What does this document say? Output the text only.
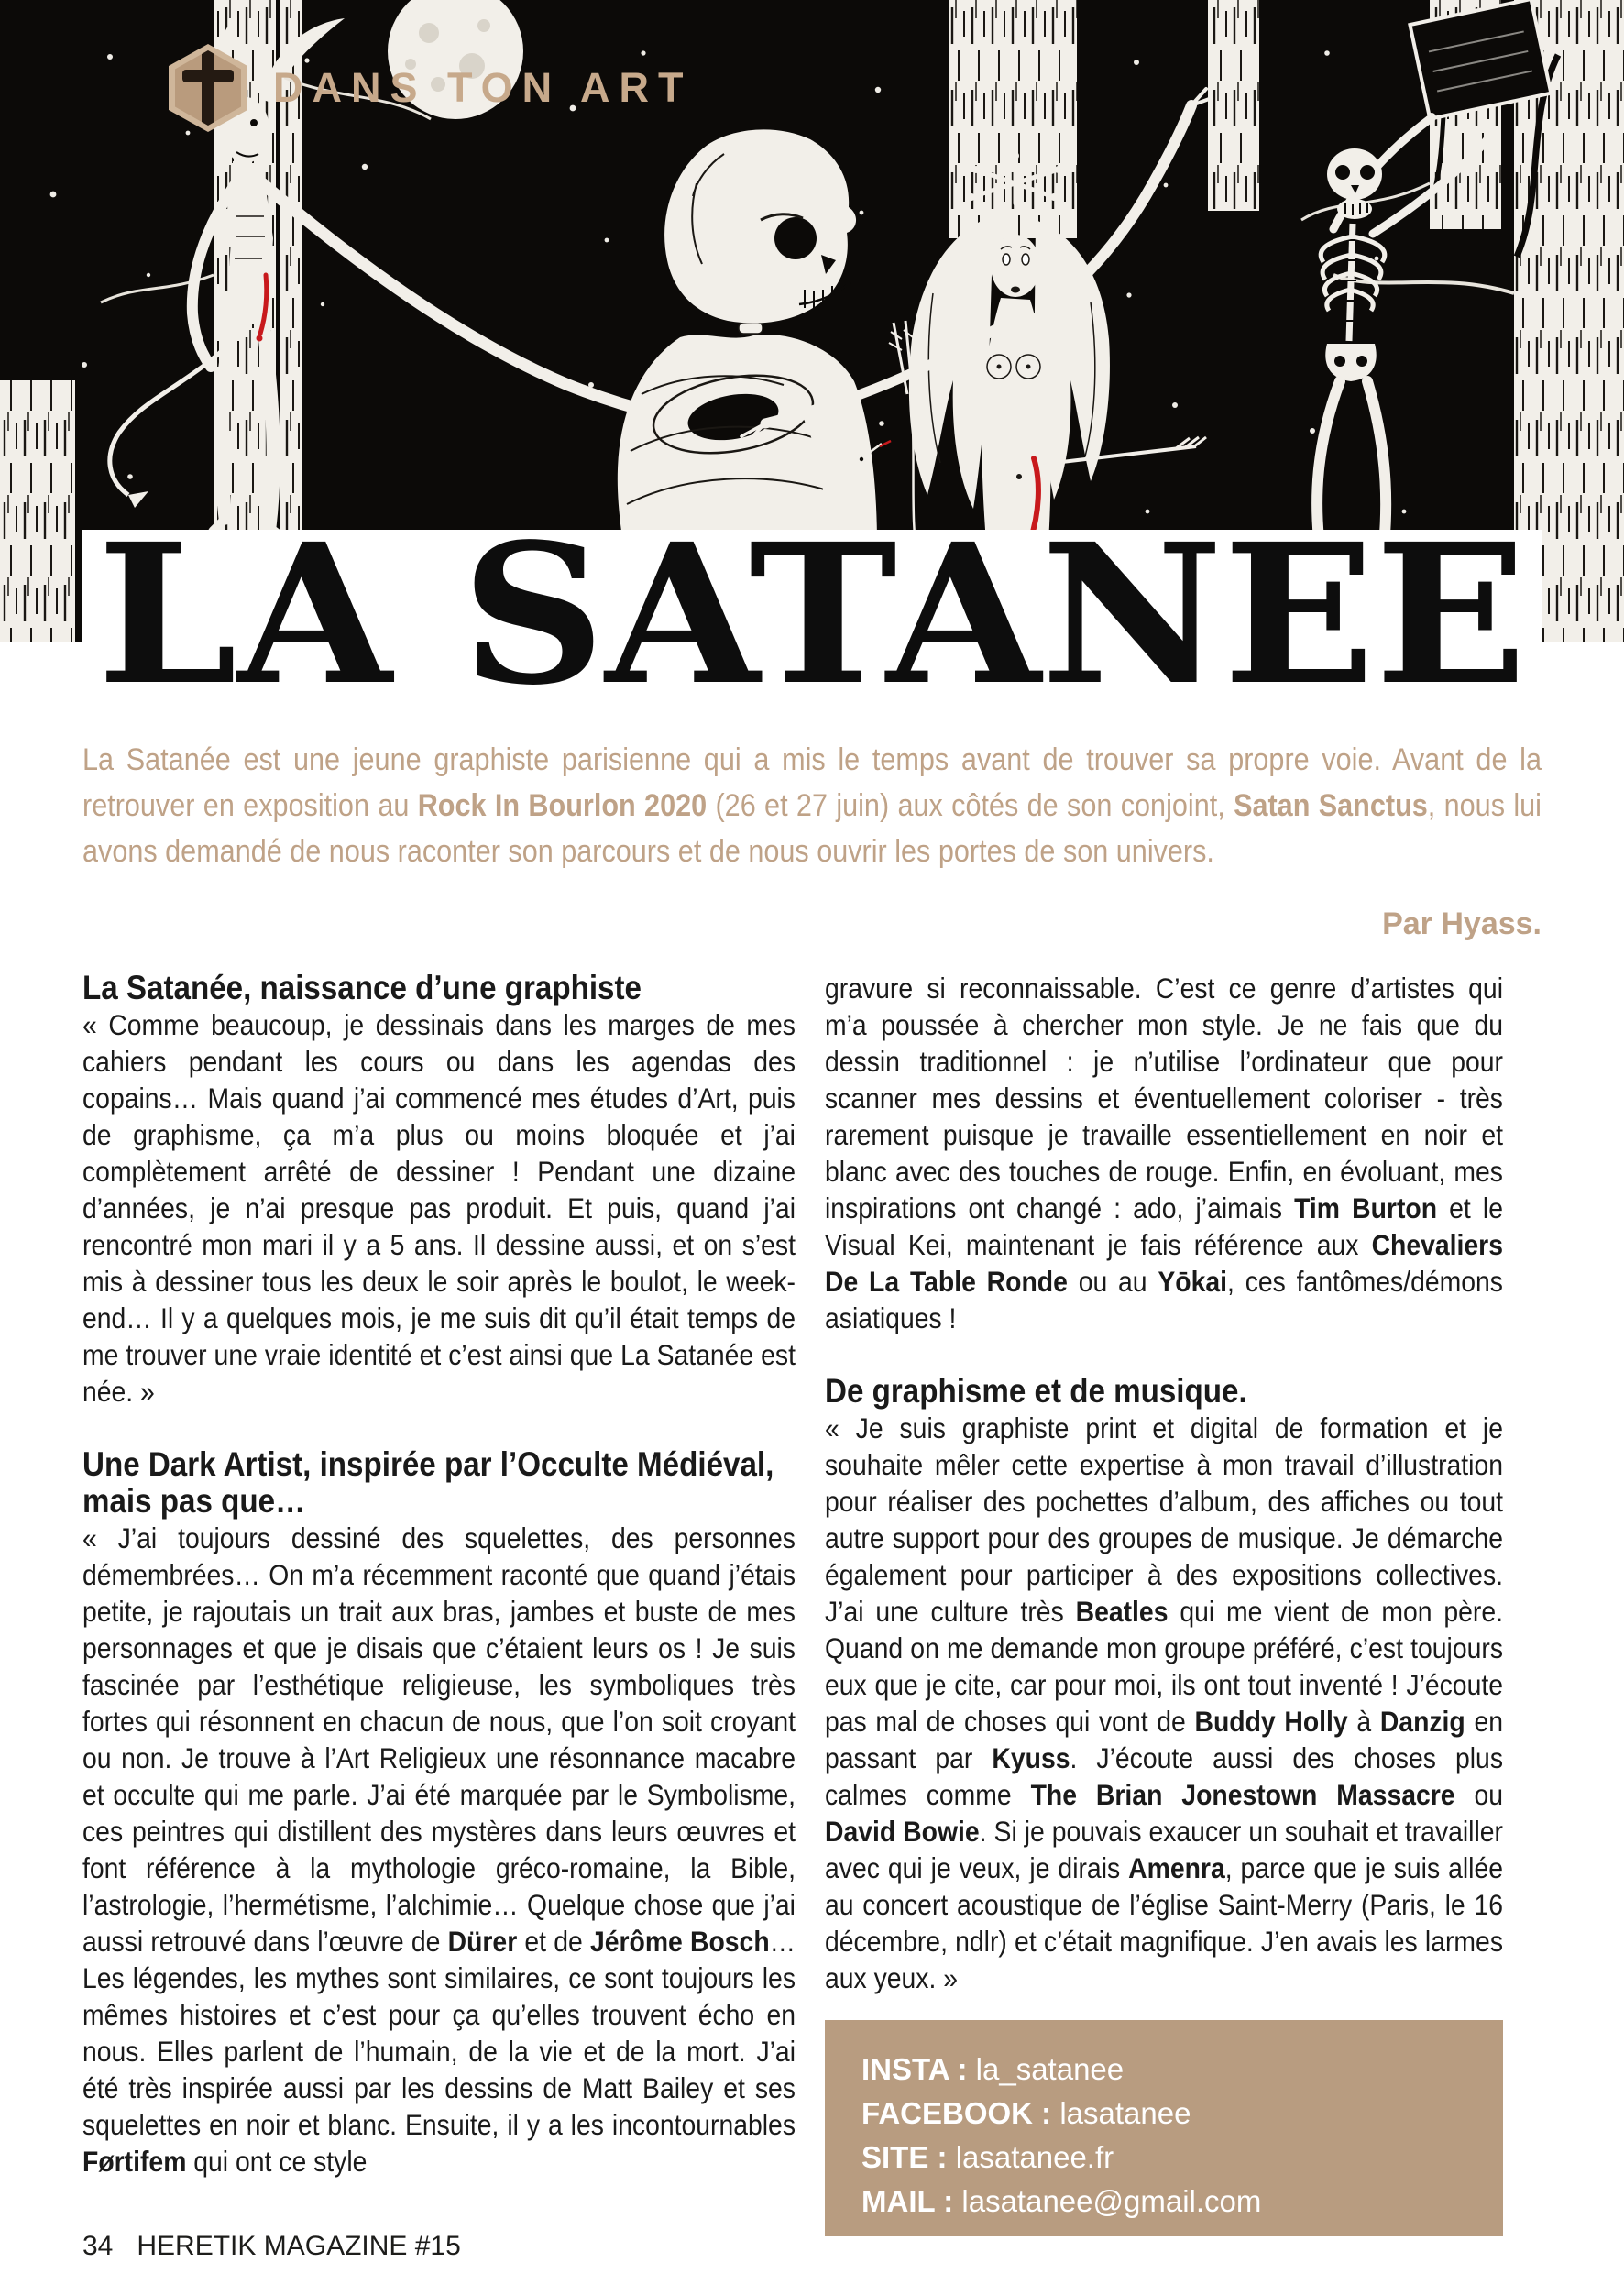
DANS TON ART
LA SATANEE

La Satanée est une jeune graphiste parisienne qui a mis le temps avant de trouver sa propre voie. Avant de la retrouver en exposition au Rock In Bourlon 2020 (26 et 27 juin) aux côtés de son conjoint, Satan Sanctus, nous lui avons demandé de nous raconter son parcours et de nous ouvrir les portes de son univers.

Par Hyass.
La Satanée, naissance d’une graphiste

« Comme beaucoup, je dessinais dans les marges de mes cahiers pendant les cours ou dans les agendas des copains… Mais quand j’ai commencé mes études d’Art, puis de graphisme, ça m’a plus ou moins bloquée et j’ai complètement arrêté de dessiner ! Pendant une dizaine d’années, je n’ai presque pas produit. Et puis, quand j’ai rencontré mon mari il y a 5 ans. Il dessine aussi, et on s’est mis à dessiner tous les deux le soir après le boulot, le week-end… Il y a quelques mois, je me suis dit qu’il était temps de me trouver une vraie identité et c’est ainsi que La Satanée est née. »

Une Dark Artist, inspirée par l’Occulte Médiéval, mais pas que…

« J’ai toujours dessiné des squelettes, des personnes démembrées… On m’a récemment raconté que quand j’étais petite, je rajoutais un trait aux bras, jambes et buste de mes personnages et que je disais que c’étaient leurs os ! Je suis fascinée par l’esthétique religieuse, les symboliques très fortes qui résonnent en chacun de nous, que l’on soit croyant ou non. Je trouve à l’Art Religieux une résonnance macabre et occulte qui me parle. J’ai été marquée par le Symbolisme, ces peintres qui distillent des mystères dans leurs œuvres et font référence à la mythologie gréco-romaine, la Bible, l’astrologie, l’hermétisme, l’alchimie… Quelque chose que j’ai aussi retrouvé dans l’œuvre de Dürer et de Jérôme Bosch… Les légendes, les mythes sont similaires, ce sont toujours les mêmes histoires et c’est pour ça qu’elles trouvent écho en nous. Elles parlent de l’humain, de la vie et de la mort. J’ai été très inspirée aussi par les dessins de Matt Bailey et ses squelettes en noir et blanc. Ensuite, il y a les incontournables Førtifem qui ont ce style

gravure si reconnaissable. C’est ce genre d’artistes qui m’a poussée à chercher mon style. Je ne fais que du dessin traditionnel : je n’utilise l’ordinateur que pour scanner mes dessins et éventuellement coloriser - très rarement puisque je travaille essentiellement en noir et blanc avec des touches de rouge. Enfin, en évoluant, mes inspirations ont changé : ado, j’aimais Tim Burton et le Visual Kei, maintenant je fais référence aux Chevaliers De La Table Ronde ou au Yōkai, ces fantômes/démons asiatiques !

De graphisme et de musique.

« Je suis graphiste print et digital de formation et je souhaite mêler cette expertise à mon travail d’illustration pour réaliser des pochettes d’album, des affiches ou tout autre support pour des groupes de musique. Je démarche également pour participer à des expositions collectives. J’ai une culture très Beatles qui me vient de mon père. Quand on me demande mon groupe préféré, c’est toujours eux que je cite, car pour moi, ils ont tout inventé ! J’écoute pas mal de choses qui vont de Buddy Holly à Danzig en passant par Kyuss. J’écoute aussi des choses plus calmes comme The Brian Jonestown Massacre ou David Bowie. Si je pouvais exaucer un souhait et travailler avec qui je veux, je dirais Amenra, parce que je suis allée au concert acoustique de l’église Saint-Merry (Paris, le 16 décembre, ndlr) et c’était magnifique. J’en avais les larmes aux yeux. »

INSTA : la_satanee
FACEBOOK : lasatanee
SITE : lasatanee.fr
MAIL : lasatanee@gmail.com
34 HERETIK MAGAZINE #15
